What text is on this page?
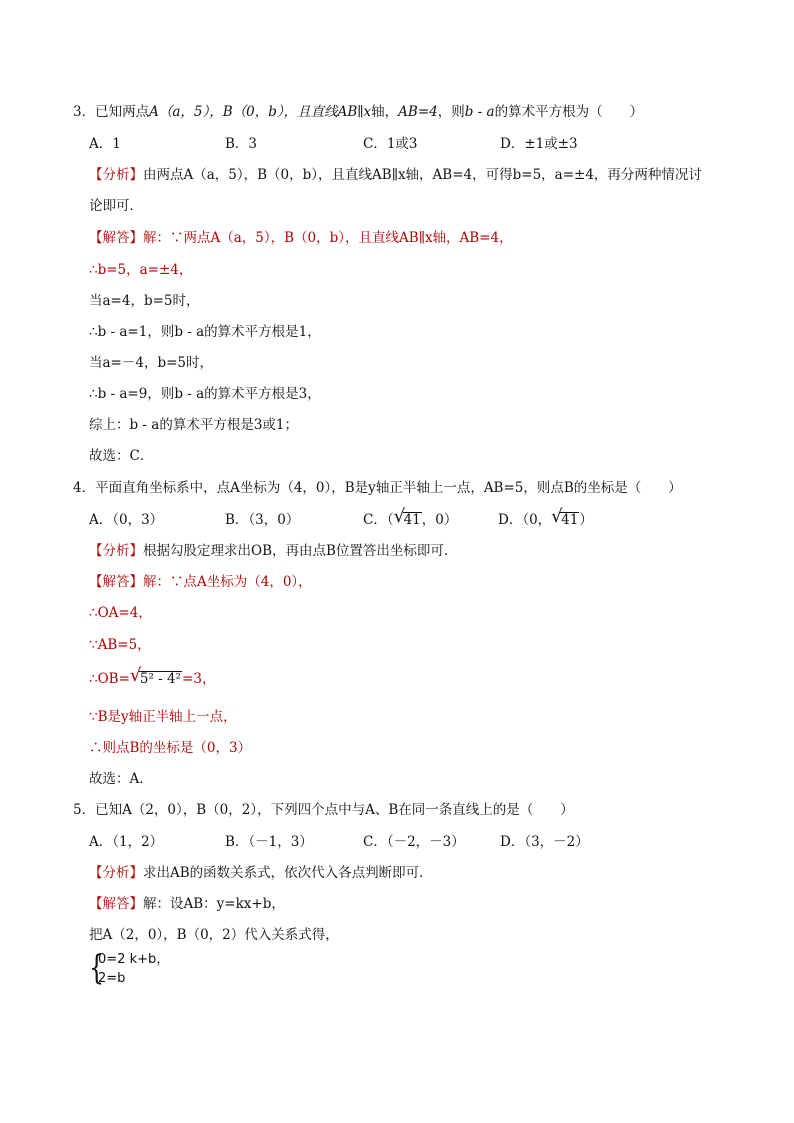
3．已知两点A（a，5），B（0，b），且直线AB∥x轴，AB=4，则b - a的算术平方根为（　　）
A．1	B．3	C．1或3	D．±1或±3
【分析】由两点A（a，5），B（0，b），且直线AB∥x轴，AB=4，可得b=5，a=±4，再分两种情况讨
论即可．
【解答】解：∵两点A（a，5），B（0，b），且直线AB∥x轴，AB=4，
∴b=5，a=±4，
当a=4，b=5时，
∴b - a=1，则b - a的算术平方根是1，
当a=－4，b=5时，
∴b - a=9，则b - a的算术平方根是3，
综上：b - a的算术平方根是3或1；
故选：C．
4．平面直角坐标系中，点A坐标为（4，0），B是y轴正半轴上一点，AB=5，则点B的坐标是（　　）
A．（0，3）	B．（3，0）	C．（ √
41，0）	D．（0， √
41）
【分析】根据勾股定理求出OB，再由点B位置答出坐标即可．
【解答】解：∵点A坐标为（4，0），
∴OA=4，
∵AB=5，
∴OB= √
5² - 4²=3，
∵B是y轴正半轴上一点，
∴则点B的坐标是（0，3）
故选：A．
5．已知A（2，0），B（0，2），下列四个点中与A、B在同一条直线上的是（　　）
A．（1，2）	B．（－1，3）	C．（－2，－3）	D．（3，－2）
【分析】求出AB的函数关系式，依次代入各点判断即可．
【解答】解：设AB：y=kx+b，
把A（2，0），B（0，2）代入关系式得，
{
0=2 k+b，
2=b
